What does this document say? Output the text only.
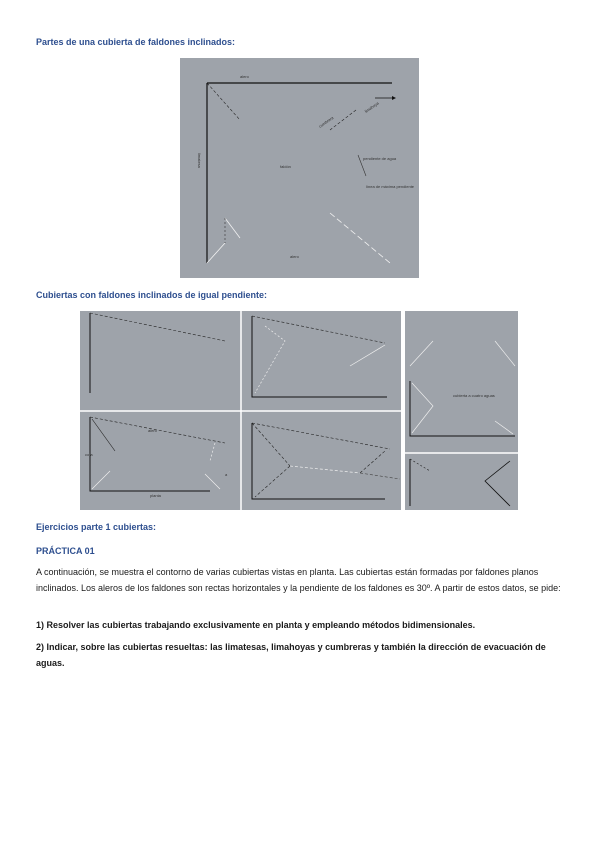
Partes de una cubierta de faldones inclinados:

alero
limatesa	faldón
pendiente de agua
línea de máxima pendiente
alero
cumbrera
limahoya

Cubiertas con faldones inclinados de igual pendiente:

cota
alero
a
planta
cubierta a cuatro aguas

Ejercicios parte 1 cubiertas:

PRÁCTICA 01

A continuación, se muestra el contorno de varias cubiertas vistas en planta. Las cubiertas están formadas por faldones planos inclinados. Los aleros de los faldones son rectas horizontales y la pendiente de los faldones es 30º. A partir de estos datos, se pide:

1) Resolver las cubiertas trabajando exclusivamente en planta y empleando métodos bidimensionales.

2) Indicar, sobre las cubiertas resueltas: las limatesas, limahoyas y cumbreras y también la dirección de evacuación de aguas.
